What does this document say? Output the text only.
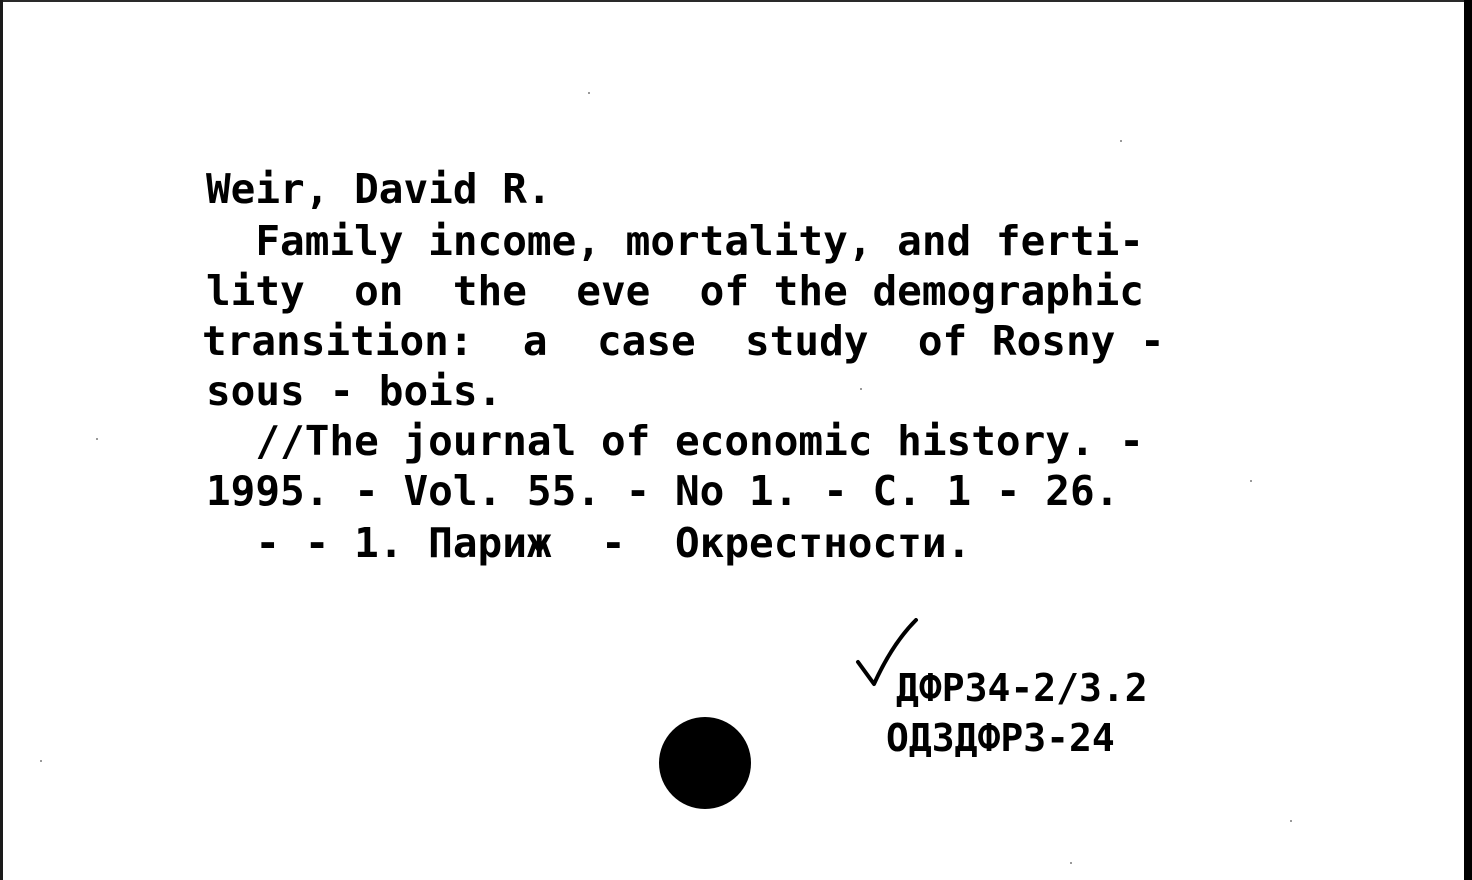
Weir, David R.
Family income, mortality, and ferti-
lity  on  the  eve  of the demographic
transition:  a  case  study  of Rosny -
sous - bois.
//The journal of economic history. -
1995. - Vol. 55. - No 1. - C. 1 - 26.
- - 1. Париж  -  Окрестности.
ДФР34-2/3.2
ОДЗДФР3-24
